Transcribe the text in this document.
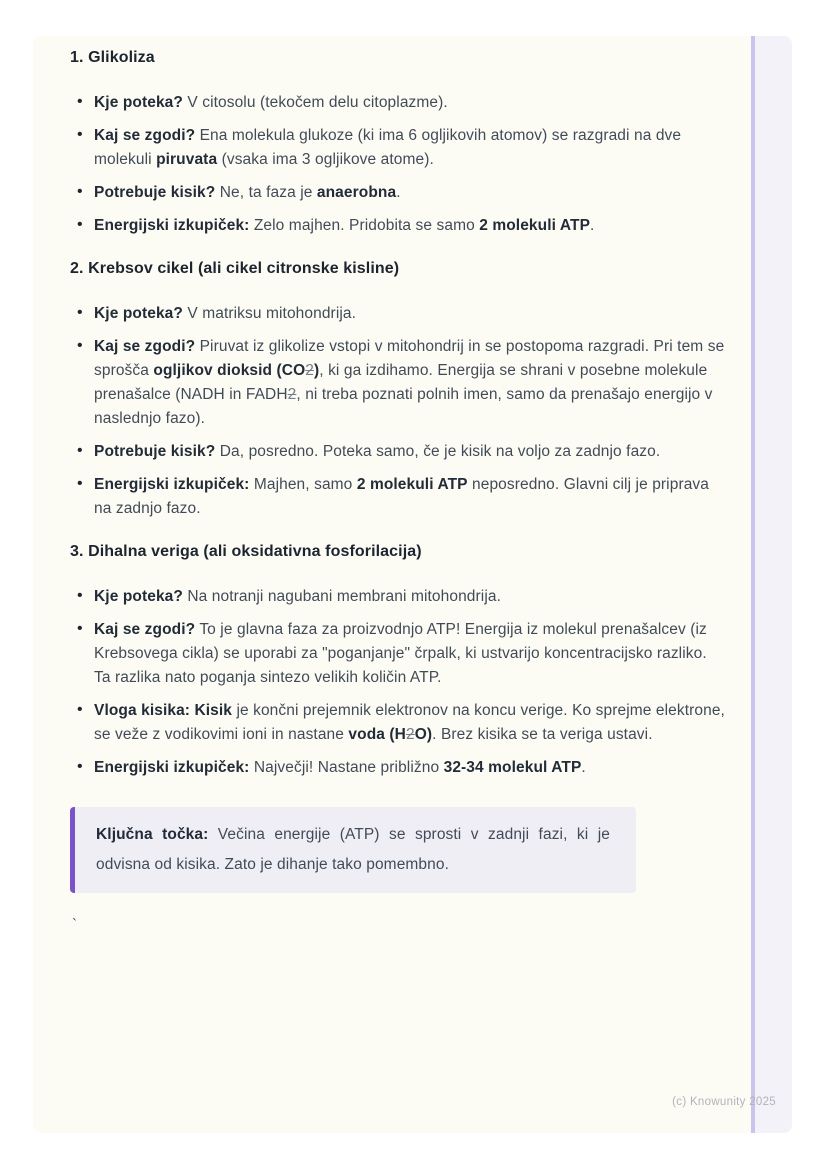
1. Glikoliza

• Kje poteka? V citosolu (tekočem delu citoplazme).

• Kaj se zgodi? Ena molekula glukoze (ki ima 6 ogljikovih atomov) se razgradi na dve molekuli piruvata (vsaka ima 3 ogljikove atome).

• Potrebuje kisik? Ne, ta faza je anaerobna.

• Energijski izkupiček: Zelo majhen. Pridobita se samo 2 molekuli ATP.

2. Krebsov cikel (ali cikel citronske kisline)

• Kje poteka? V matriksu mitohondrija.

• Kaj se zgodi? Piruvat iz glikolize vstopi v mitohondrij in se postopoma razgradi. Pri tem se sprošča ogljikov dioksid (CO2), ki ga izdihamo. Energija se shrani v posebne molekule prenašalce (NADH in FADH2, ni treba poznati polnih imen, samo da prenašajo energijo v naslednjo fazo).

• Potrebuje kisik? Da, posredno. Poteka samo, če je kisik na voljo za zadnjo fazo.

• Energijski izkupiček: Majhen, samo 2 molekuli ATP neposredno. Glavni cilj je priprava na zadnjo fazo.

3. Dihalna veriga (ali oksidativna fosforilacija)

• Kje poteka? Na notranji nagubani membrani mitohondrija.

• Kaj se zgodi? To je glavna faza za proizvodnjo ATP! Energija iz molekul prenašalcev (iz Krebsovega cikla) se uporabi za "poganjanje" črpalk, ki ustvarijo koncentracijsko razliko. Ta razlika nato poganja sintezo velikih količin ATP.

• Vloga kisika: Kisik je končni prejemnik elektronov na koncu verige. Ko sprejme elektrone, se veže z vodikovimi ioni in nastane voda (H2O). Brez kisika se ta veriga ustavi.

• Energijski izkupiček: Največji! Nastane približno 32-34 molekul ATP.

Ključna točka: Večina energije (ATP) se sprosti v zadnji fazi, ki je odvisna od kisika. Zato je dihanje tako pomembno.

`
(c) Knowunity 2025
